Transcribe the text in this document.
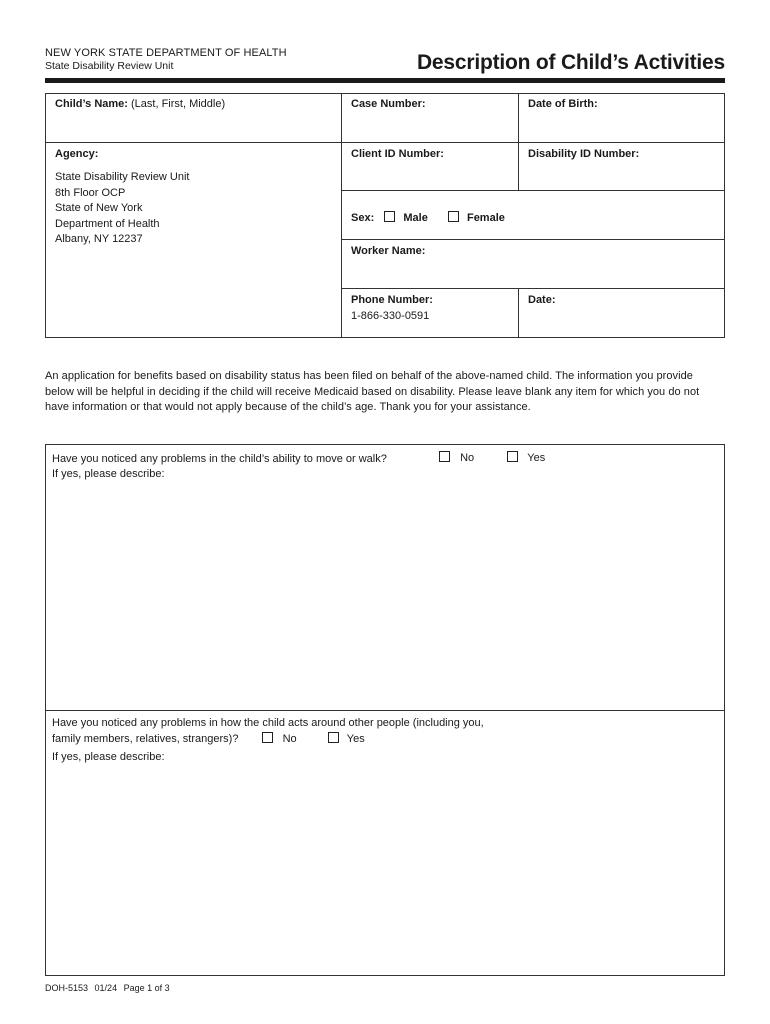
NEW YORK STATE DEPARTMENT OF HEALTH
State Disability Review Unit	Description of Child’s Activities
Child’s Name: (Last, First, Middle)	Case Number:	Date of Birth:
Agency:
State Disability Review Unit
8th Floor OCP
State of New York
Department of Health
Albany, NY 12237
Client ID Number:	Disability ID Number:
Sex:	Male	Female
Worker Name:
Phone Number:
1-866-330-0591
Date:
An application for benefits based on disability status has been filed on behalf of the above-named child. The information you provide
below will be helpful in deciding if the child will receive Medicaid based on disability. Please leave blank any item for which you do not
have information or that would not apply because of the child’s age. Thank you for your assistance.
Have you noticed any problems in the child’s ability to move or walk?	No	Yes
If yes, please describe:
Have you noticed any problems in how the child acts around other people (including you,
family members, relatives, strangers)?	No	Yes
If yes, please describe:
DOH-5153 01/24 Page 1 of 3
